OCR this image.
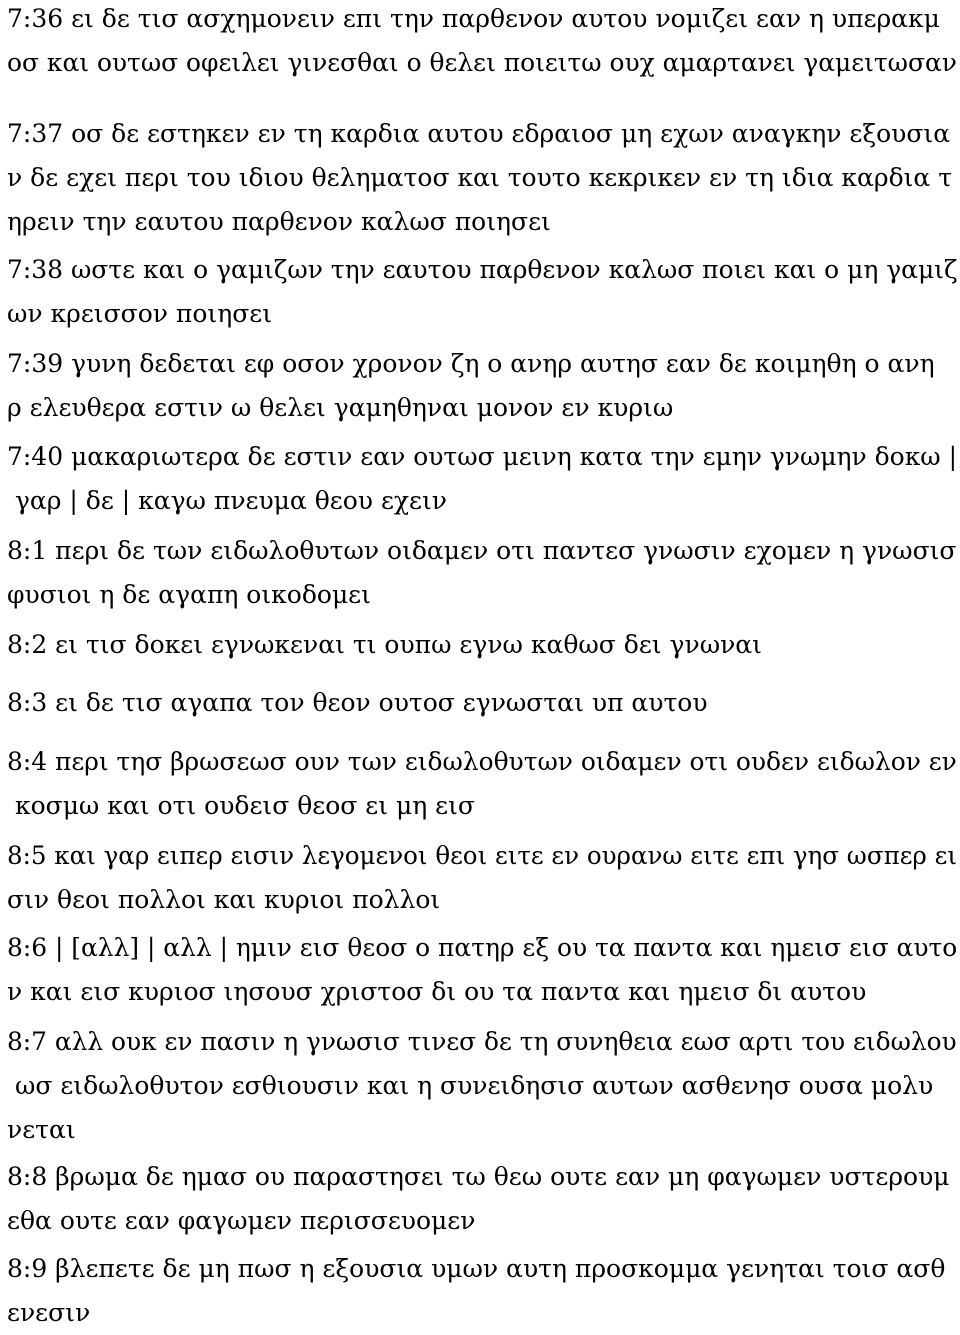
7:36 ει δε τισ ασχημονειν επι την παρθενον αυτου νομιζει εαν η υπερακμ
οσ και ουτωσ οφειλει γινεσθαι ο θελει ποιειτω ουχ αμαρτανει γαμειτωσαν
7:37 οσ δε εστηκεν εν τη καρδια αυτου εδραιοσ μη εχων αναγκην εξουσια
ν δε εχει περι του ιδιου θεληματοσ και τουτο κεκρικεν εν τη ιδια καρδια τ
ηρειν την εαυτου παρθενον καλωσ ποιησει
7:38 ωστε και ο γαμιζων την εαυτου παρθενον καλωσ ποιει και ο μη γαμιζ
ων κρεισσον ποιησει
7:39 γυνη δεδεται εφ οσον χρονον ζη ο ανηρ αυτησ εαν δε κοιμηθη ο ανη
ρ ελευθερα εστιν ω θελει γαμηθηναι μονον εν κυριω
7:40 μακαριωτερα δε εστιν εαν ουτωσ μεινη κατα την εμην γνωμην δοκω |
γαρ | δε | καγω πνευμα θεου εχειν
8:1 περι δε των ειδωλοθυτων οιδαμεν οτι παντεσ γνωσιν εχομεν η γνωσισ
φυσιοι η δε αγαπη οικοδομει
8:2 ει τισ δοκει εγνωκεναι τι ουπω εγνω καθωσ δει γνωναι
8:3 ει δε τισ αγαπα τον θεον ουτοσ εγνωσται υπ αυτου
8:4 περι τησ βρωσεωσ ουν των ειδωλοθυτων οιδαμεν οτι ουδεν ειδωλον εν
κοσμω και οτι ουδεισ θεοσ ει μη εισ
8:5 και γαρ ειπερ εισιν λεγομενοι θεοι ειτε εν ουρανω ειτε επι γησ ωσπερ ει
σιν θεοι πολλοι και κυριοι πολλοι
8:6 | [αλλ] | αλλ | ημιν εισ θεοσ ο πατηρ εξ ου τα παντα και ημεισ εισ αυτο
ν και εισ κυριοσ ιησουσ χριστοσ δι ου τα παντα και ημεισ δι αυτου
8:7 αλλ ουκ εν πασιν η γνωσισ τινεσ δε τη συνηθεια εωσ αρτι του ειδωλου
ωσ ειδωλοθυτον εσθιουσιν και η συνειδησισ αυτων ασθενησ ουσα μολυ
νεται
8:8 βρωμα δε ημασ ου παραστησει τω θεω ουτε εαν μη φαγωμεν υστερουμ
εθα ουτε εαν φαγωμεν περισσευομεν
8:9 βλεπετε δε μη πωσ η εξουσια υμων αυτη προσκομμα γενηται τοισ ασθ
ενεσιν
